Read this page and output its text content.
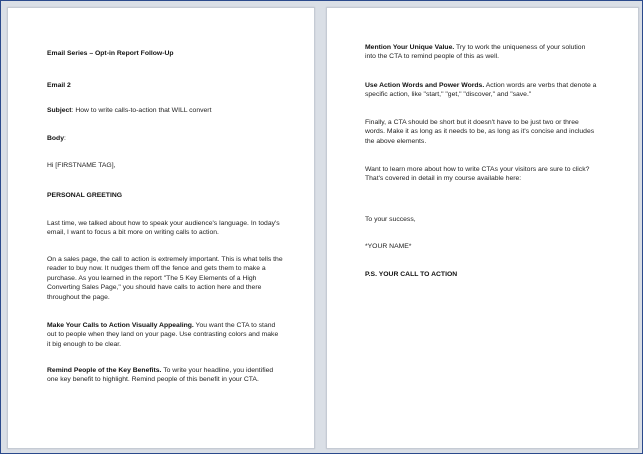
Email Series – Opt-in Report Follow-Up

Email 2

Subject: How to write calls-to-action that WILL convert

Body:

Hi [FIRSTNAME TAG],

PERSONAL GREETING

Last time, we talked about how to speak your audience's language. In today's email, I want to focus a bit more on writing calls to action.

On a sales page, the call to action is extremely important. This is what tells the reader to buy now. It nudges them off the fence and gets them to make a purchase. As you learned in the report "The 5 Key Elements of a High Converting Sales Page," you should have calls to action here and there throughout the page.

Make Your Calls to Action Visually Appealing. You want the CTA to stand out to people when they land on your page. Use contrasting colors and make it big enough to be clear.

Remind People of the Key Benefits. To write your headline, you identified one key benefit to highlight. Remind people of this benefit in your CTA.

Mention Your Unique Value. Try to work the uniqueness of your solution into the CTA to remind people of this as well.

Use Action Words and Power Words. Action words are verbs that denote a specific action, like "start," "get," "discover," and "save."

Finally, a CTA should be short but it doesn't have to be just two or three words. Make it as long as it needs to be, as long as it's concise and includes the above elements.

Want to learn more about how to write CTAs your visitors are sure to click? That's covered in detail in my course available here:

To your success,

*YOUR NAME*

P.S. YOUR CALL TO ACTION
